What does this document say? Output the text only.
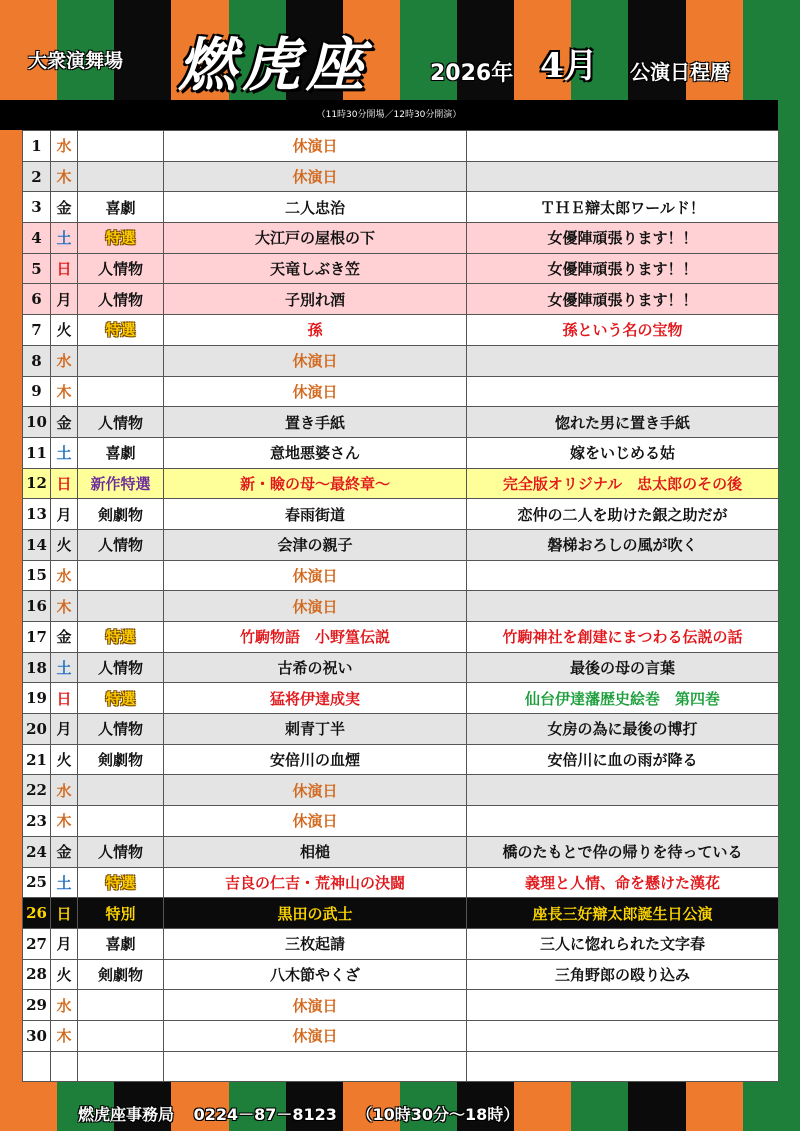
大衆演舞場 燃虎座	2026年 4月 公演日程暦
（11時30分開場／12時30分開演）
1	水		休演日	
2	木		休演日	
3	金	喜劇	二人忠治	ＴＨＥ辯太郎ワールド！
4	土	特選	大江戸の屋根の下	女優陣頑張ります！！
5	日	人情物	天竜しぶき笠	女優陣頑張ります！！
6	月	人情物	子別れ酒	女優陣頑張ります！！
7	火	特選	孫	孫という名の宝物
8	水		休演日	
9	木		休演日	
10	金	人情物	置き手紙	惚れた男に置き手紙
11	土	喜劇	意地悪婆さん	嫁をいじめる姑
12	日	新作特選	新・瞼の母～最終章～	完全版オリジナル　忠太郎のその後
13	月	剣劇物	春雨街道	恋仲の二人を助けた銀之助だが
14	火	人情物	会津の親子	磐梯おろしの風が吹く
15	水		休演日	
16	木		休演日	
17	金	特選	竹駒物語　小野篁伝説	竹駒神社を創建にまつわる伝説の話
18	土	人情物	古希の祝い	最後の母の言葉
19	日	特選	猛将伊達成実	仙台伊達藩歴史絵巻　第四巻
20	月	人情物	刺青丁半	女房の為に最後の博打
21	火	剣劇物	安倍川の血煙	安倍川に血の雨が降る
22	水		休演日	
23	木		休演日	
24	金	人情物	相槌	橋のたもとで伜の帰りを待っている
25	土	特選	吉良の仁吉・荒神山の決闘	義理と人情、命を懸けた漢花
26	日	特別	黒田の武士	座長三好辯太郎誕生日公演
27	月	喜劇	三枚起請	三人に惚れられた文字春
28	火	剣劇物	八木節やくざ	三角野郎の殴り込み
29	水		休演日	
30	木		休演日	

燃虎座事務局 0224－87－8123 （10時30分～18時）
